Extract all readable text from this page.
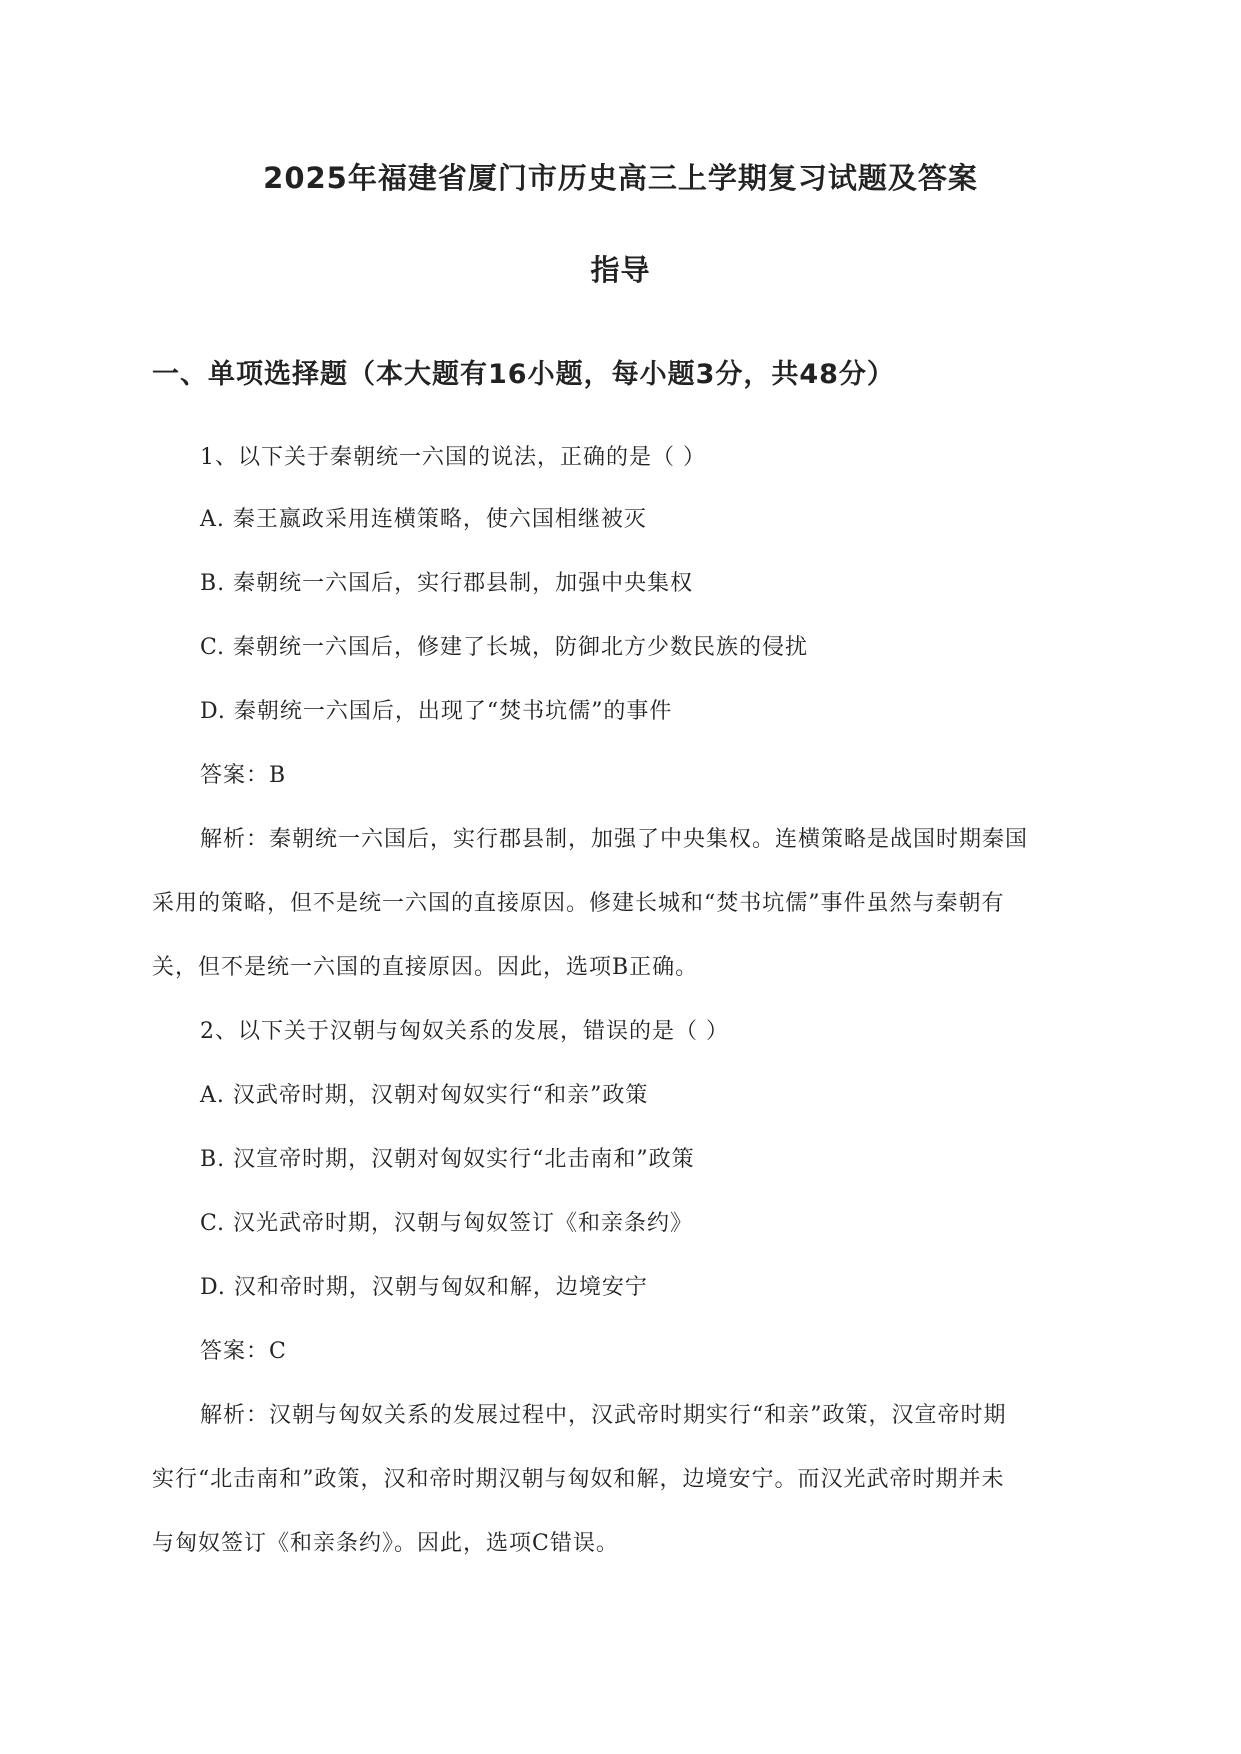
2025年福建省厦门市历史高三上学期复习试题及答案
指导
一、单项选择题（本大题有16小题，每小题3分，共48分）
1、以下关于秦朝统一六国的说法，正确的是（ ）
A. 秦王嬴政采用连横策略，使六国相继被灭
B. 秦朝统一六国后，实行郡县制，加强中央集权
C. 秦朝统一六国后，修建了长城，防御北方少数民族的侵扰
D. 秦朝统一六国后，出现了“焚书坑儒”的事件
答案：B
解析：秦朝统一六国后，实行郡县制，加强了中央集权。连横策略是战国时期秦国
采用的策略，但不是统一六国的直接原因。修建长城和“焚书坑儒”事件虽然与秦朝有
关，但不是统一六国的直接原因。因此，选项B正确。
2、以下关于汉朝与匈奴关系的发展，错误的是（ ）
A. 汉武帝时期，汉朝对匈奴实行“和亲”政策
B. 汉宣帝时期，汉朝对匈奴实行“北击南和”政策
C. 汉光武帝时期，汉朝与匈奴签订《和亲条约》
D. 汉和帝时期，汉朝与匈奴和解，边境安宁
答案：C
解析：汉朝与匈奴关系的发展过程中，汉武帝时期实行“和亲”政策，汉宣帝时期
实行“北击南和”政策，汉和帝时期汉朝与匈奴和解，边境安宁。而汉光武帝时期并未
与匈奴签订《和亲条约》。因此，选项C错误。
